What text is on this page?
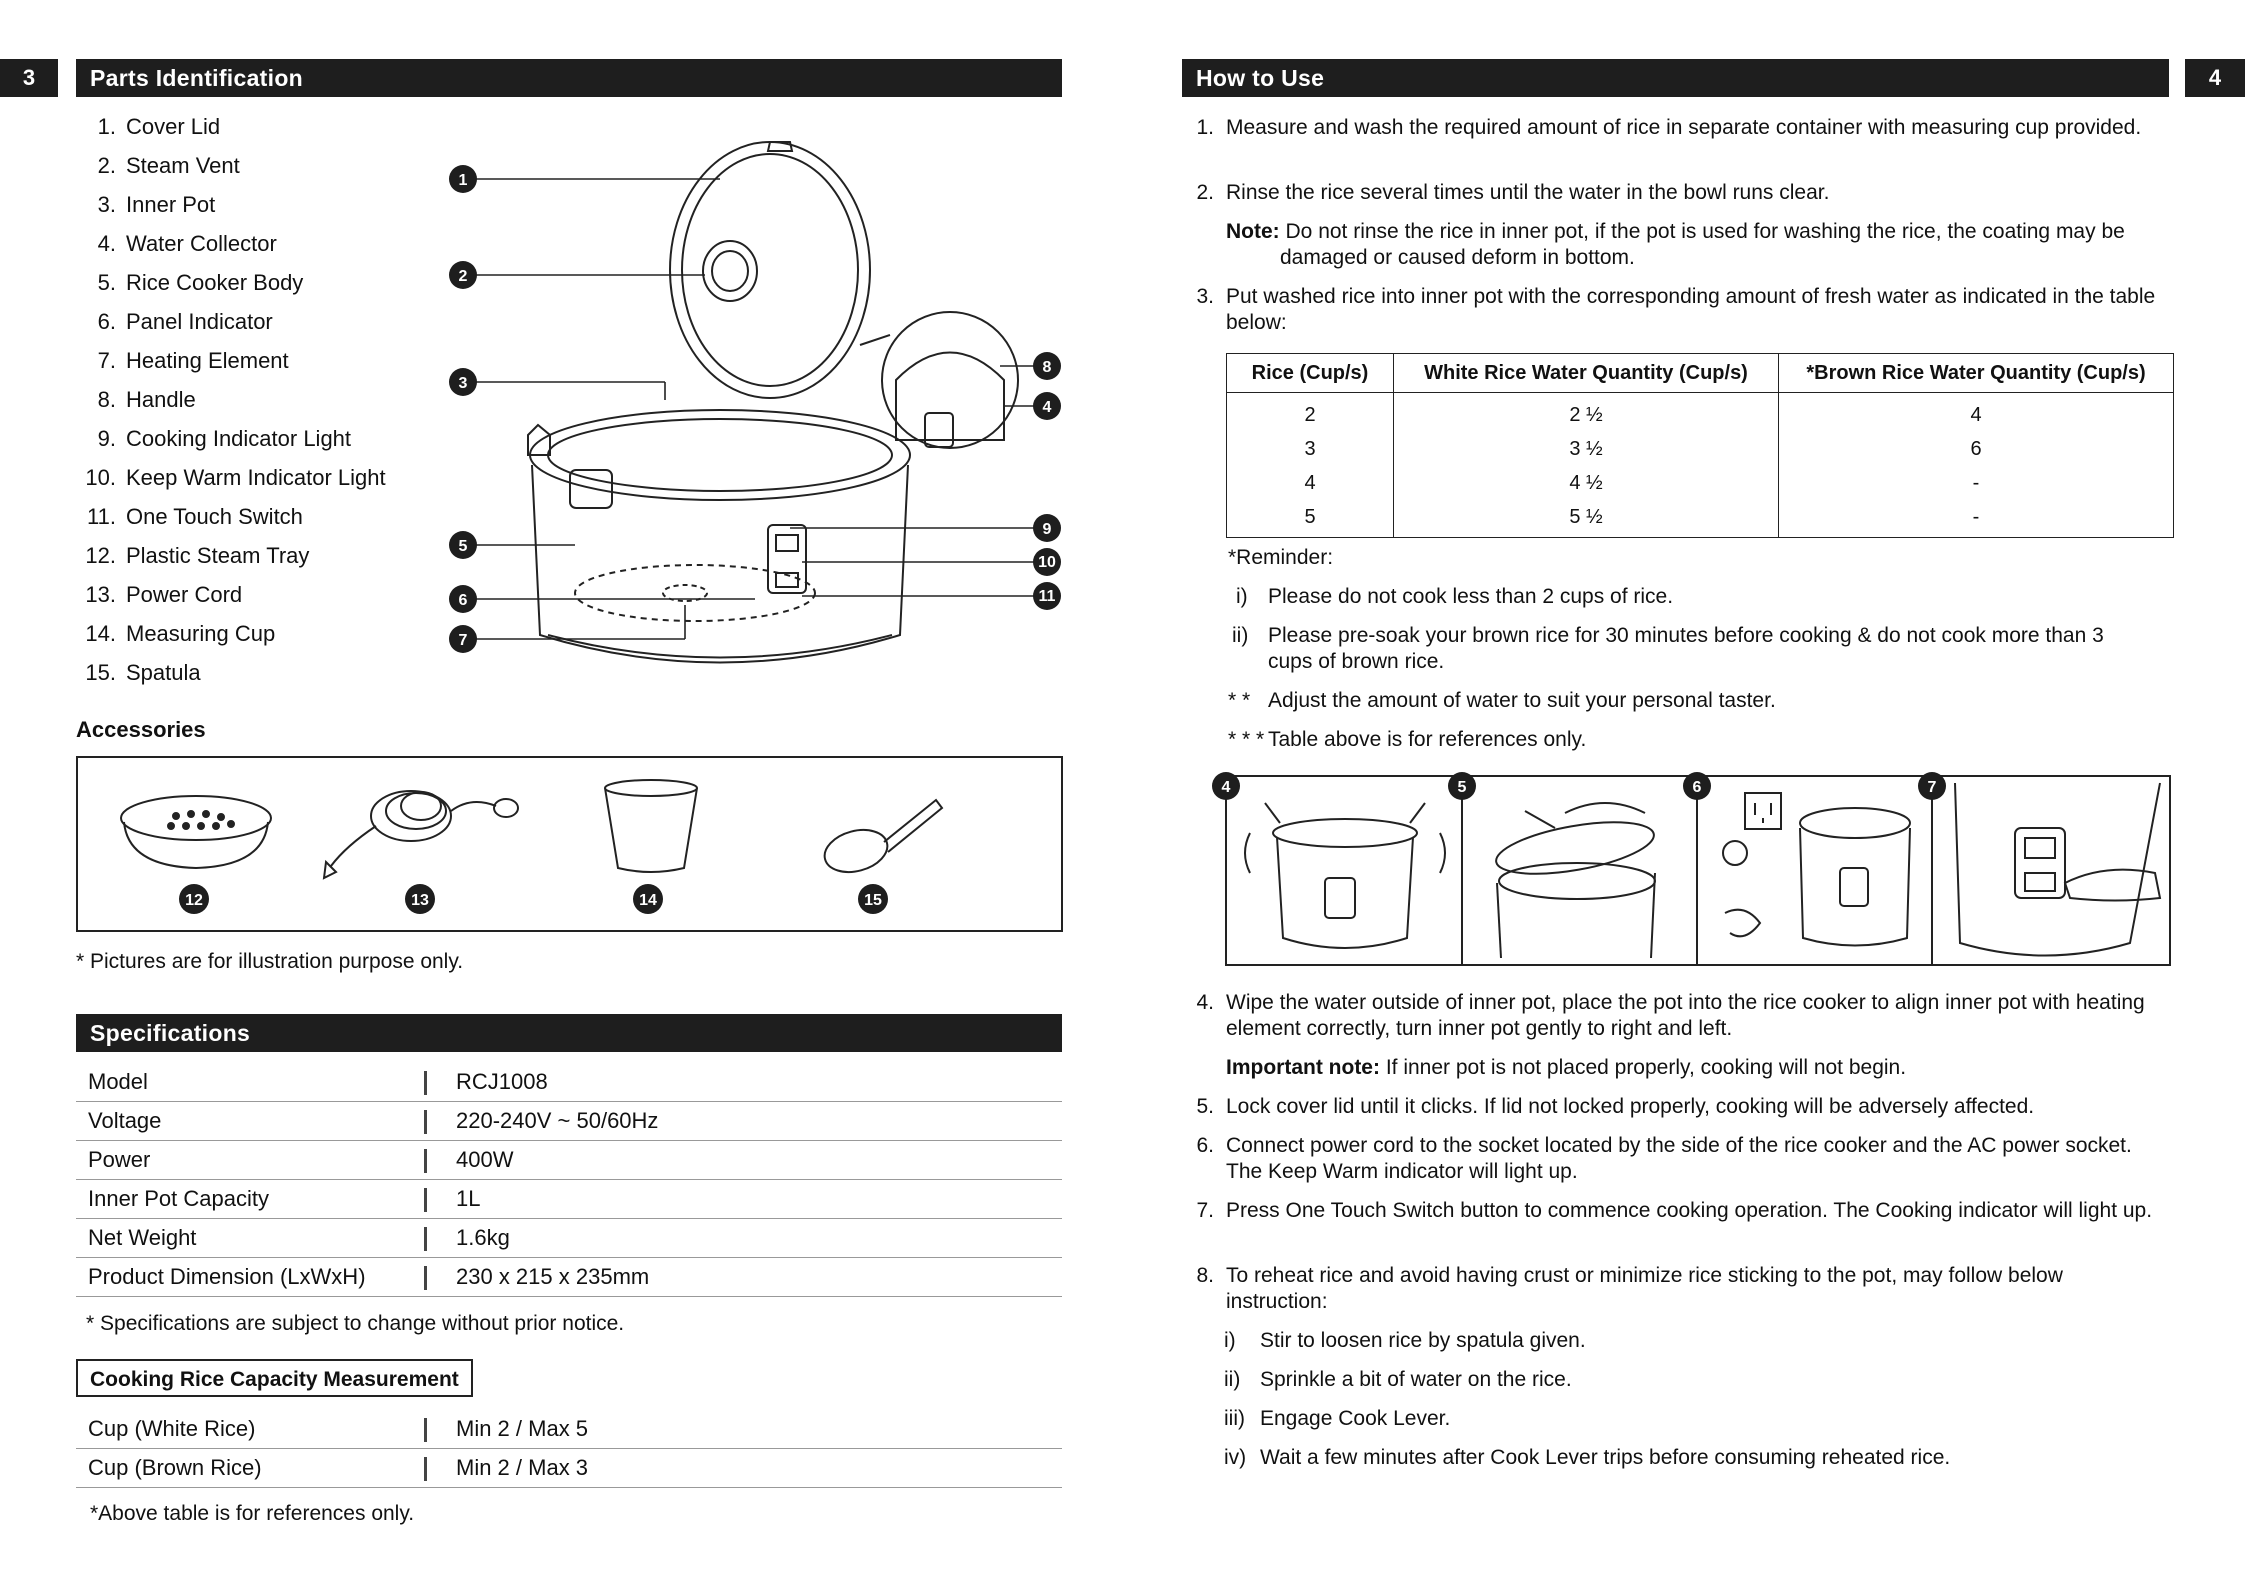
3	Parts Identification
1. Cover Lid
2. Steam Vent
3. Inner Pot
4. Water Collector
5. Rice Cooker Body
6. Panel Indicator
7. Heating Element
8. Handle
9. Cooking Indicator Light
10. Keep Warm Indicator Light
11. One Touch Switch
12. Plastic Steam Tray
13. Power Cord
14. Measuring Cup
15. Spatula
1
2
3
4
5
6
7
8
9
10
11
Accessories
12	13	14	15
* Pictures are for illustration purpose only.
Specifications
Model	RCJ1008
Voltage	220-240V ~ 50/60Hz
Power	400W
Inner Pot Capacity	1L
Net Weight	1.6kg
Product Dimension (LxWxH)	230 x 215 x 235mm
* Specifications are subject to change without prior notice.
Cooking Rice Capacity Measurement
Cup (White Rice)	Min 2 / Max 5
Cup (Brown Rice)	Min 2 / Max 3
*Above table is for references only.
How to Use	4
1. Measure and wash the required amount of rice in separate container with measuring cup provided.
2. Rinse the rice several times until the water in the bowl runs clear.
Note: Do not rinse the rice in inner pot, if the pot is used for washing the rice, the coating may be damaged or caused deform in bottom.
3. Put washed rice into inner pot with the corresponding amount of fresh water as indicated in the table below:
Rice (Cup/s)	White Rice Water Quantity (Cup/s)	*Brown Rice Water Quantity (Cup/s)
2	2 ½	4
3	3 ½	6
4	4 ½	-
5	5 ½	-
*Reminder:
i) Please do not cook less than 2 cups of rice.
ii) Please pre-soak your brown rice for 30 minutes before cooking & do not cook more than 3 cups of brown rice.
* * Adjust the amount of water to suit your personal taster.
* * * Table above is for references only.
4	5	6	7
4. Wipe the water outside of inner pot, place the pot into the rice cooker to align inner pot with heating element correctly, turn inner pot gently to right and left.
Important note: If inner pot is not placed properly, cooking will not begin.
5. Lock cover lid until it clicks. If lid not locked properly, cooking will be adversely affected.
6. Connect power cord to the socket located by the side of the rice cooker and the AC power socket. The Keep Warm indicator will light up.
7. Press One Touch Switch button to commence cooking operation. The Cooking indicator will light up.
8. To reheat rice and avoid having crust or minimize rice sticking to the pot, may follow below instruction:
i) Stir to loosen rice by spatula given.
ii) Sprinkle a bit of water on the rice.
iii) Engage Cook Lever.
iv) Wait a few minutes after Cook Lever trips before consuming reheated rice.
